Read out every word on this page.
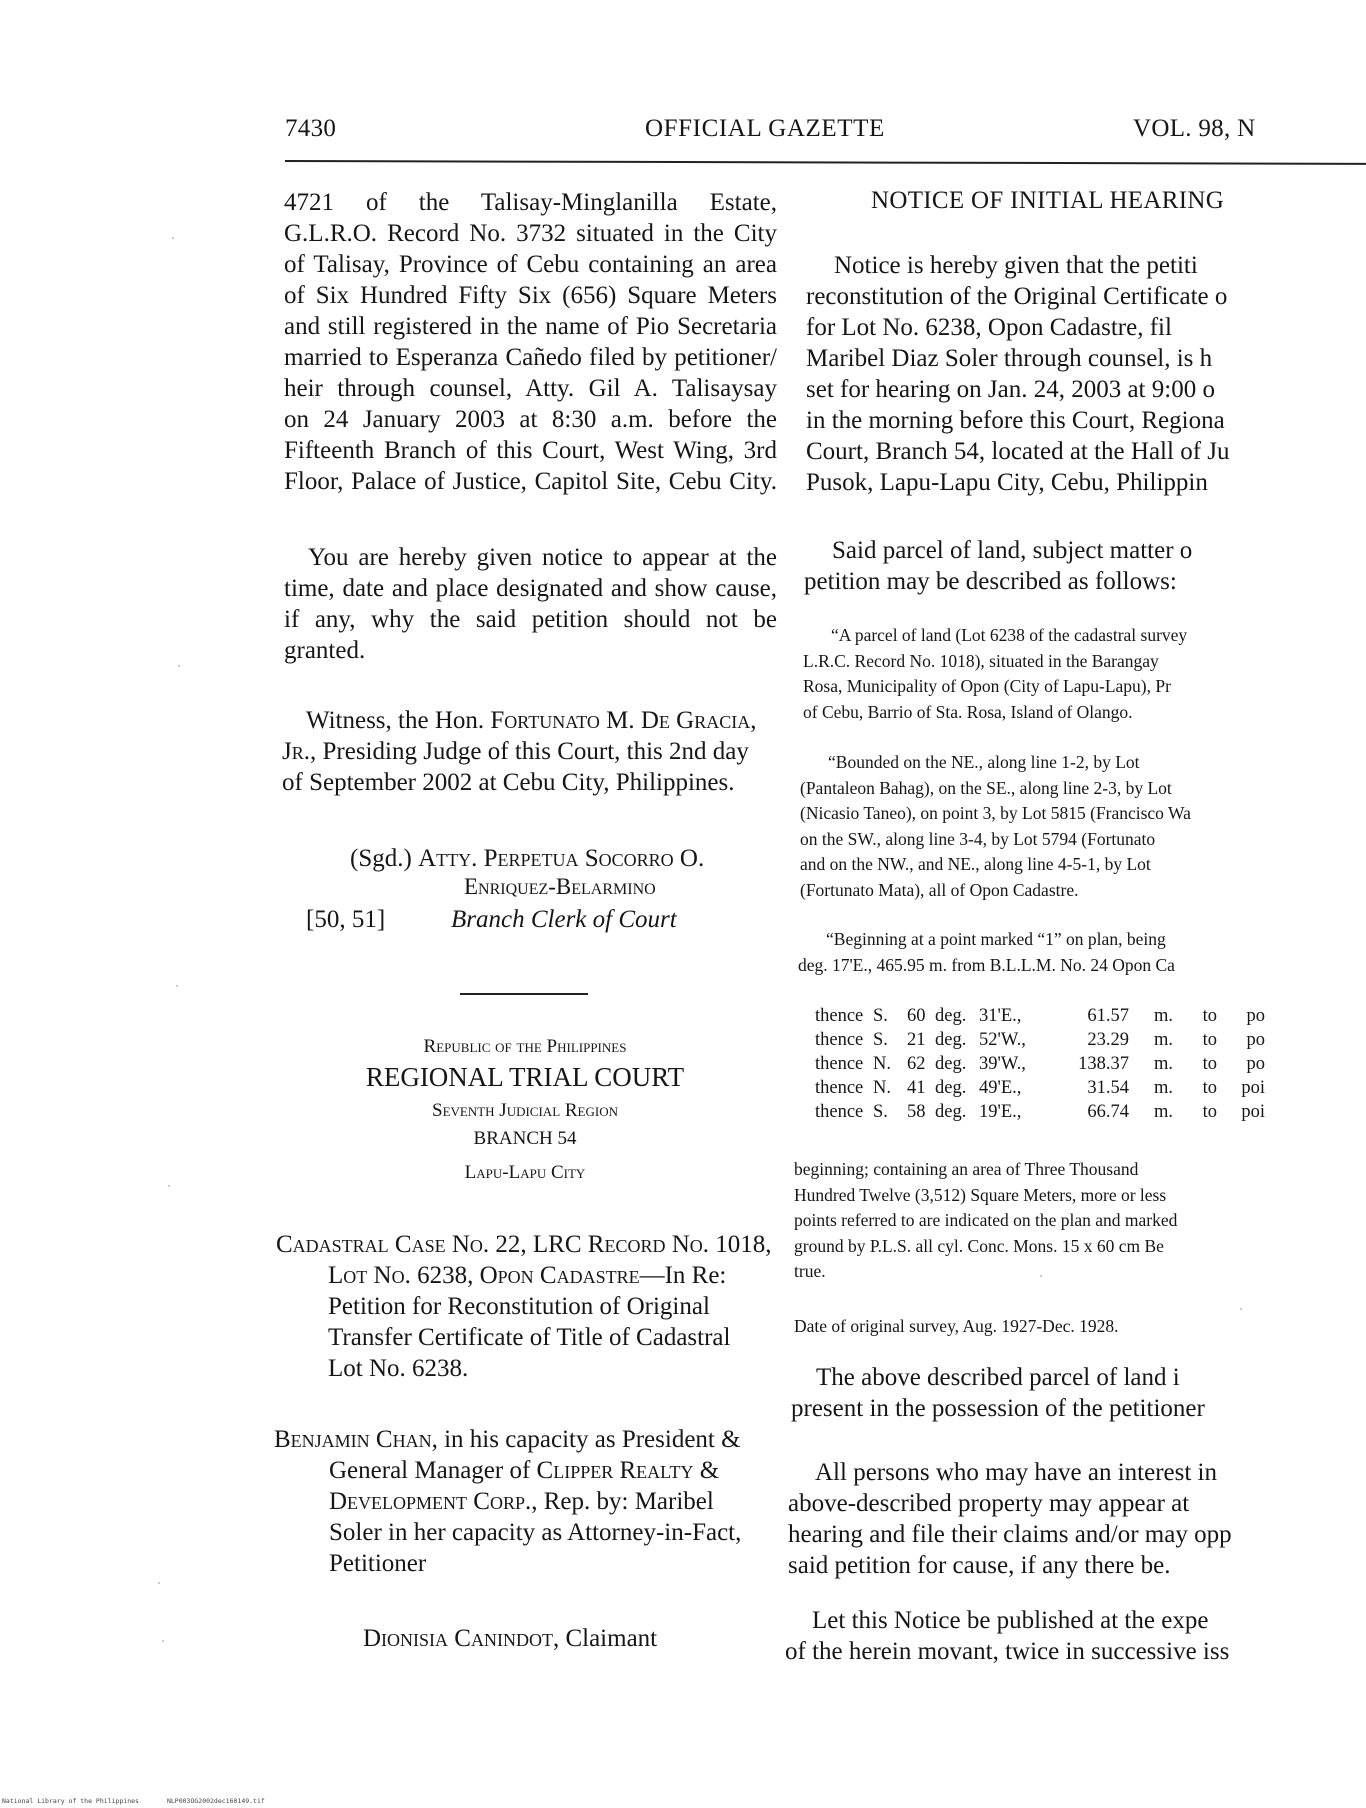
7430	OFFICIAL GAZETTE	VOL. 98, N
4721 of the Talisay-Minglanilla Estate,
G.L.R.O. Record No. 3732 situated in the City
of Talisay, Province of Cebu containing an area
of Six Hundred Fifty Six (656) Square Meters
and still registered in the name of Pio Secretaria
married to Esperanza Cañedo filed by petitioner/
heir through counsel, Atty. Gil A. Talisaysay
on 24 January 2003 at 8:30 a.m. before the
Fifteenth Branch of this Court, West Wing, 3rd
Floor, Palace of Justice, Capitol Site, Cebu City.
You are hereby given notice to appear at the
time, date and place designated and show cause,
if any, why the said petition should not be
granted.
Witness, the Hon. Fortunato M. De Gracia,
Jr., Presiding Judge of this Court, this 2nd day
of September 2002 at Cebu City, Philippines.
(Sgd.) Atty. Perpetua Socorro O.
Enriquez-Belarmino
[50, 51]	Branch Clerk of Court
Republic of the Philippines
REGIONAL TRIAL COURT
Seventh Judicial Region
BRANCH 54
Lapu-Lapu City
Cadastral Case No. 22, LRC Record No. 1018,
Lot No. 6238, Opon Cadastre—In Re:
Petition for Reconstitution of Original
Transfer Certificate of Title of Cadastral
Lot No. 6238.
Benjamin Chan, in his capacity as President &
General Manager of Clipper Realty &
Development Corp., Rep. by: Maribel
Soler in her capacity as Attorney-in-Fact,
Petitioner
Dionisia Canindot, Claimant
NOTICE OF INITIAL HEARING
Notice is hereby given that the petiti
reconstitution of the Original Certificate o
for Lot No. 6238, Opon Cadastre, fil
Maribel Diaz Soler through counsel, is h
set for hearing on Jan. 24, 2003 at 9:00 o
in the morning before this Court, Regiona
Court, Branch 54, located at the Hall of Ju
Pusok, Lapu-Lapu City, Cebu, Philippin
Said parcel of land, subject matter o
petition may be described as follows:
“A parcel of land (Lot 6238 of the cadastral survey
L.R.C. Record No. 1018), situated in the Barangay
Rosa, Municipality of Opon (City of Lapu-Lapu), Pr
of Cebu, Barrio of Sta. Rosa, Island of Olango.
“Bounded on the NE., along line 1-2, by Lot
(Pantaleon Bahag), on the SE., along line 2-3, by Lot
(Nicasio Taneo), on point 3, by Lot 5815 (Francisco Wa
on the SW., along line 3-4, by Lot 5794 (Fortunato
and on the NW., and NE., along line 4-5-1, by Lot
(Fortunato Mata), all of Opon Cadastre.
“Beginning at a point marked “1” on plan, being
deg. 17'E., 465.95 m. from B.L.L.M. No. 24 Opon Ca
thence	S.	60	deg.	31'E.,	61.57	m.	to	po
thence	S.	21	deg.	52'W.,	23.29	m.	to	po
thence	N.	62	deg.	39'W.,	138.37	m.	to	po
thence	N.	41	deg.	49'E.,	31.54	m.	to	poi
thence	S.	58	deg.	19'E.,	66.74	m.	to	poi
beginning; containing an area of Three Thousand
Hundred Twelve (3,512) Square Meters, more or less
points referred to are indicated on the plan and marked
ground by P.L.S. all cyl. Conc. Mons. 15 x 60 cm Be
true.
Date of original survey, Aug. 1927-Dec. 1928.
The above described parcel of land i
present in the possession of the petitioner
All persons who may have an interest in
above-described property may appear at
hearing and file their claims and/or may opp
said petition for cause, if any there be.
Let this Notice be published at the expe
of the herein movant, twice in successive iss
National Library of the Philippines	NLP003OG2002dec160149.tif
